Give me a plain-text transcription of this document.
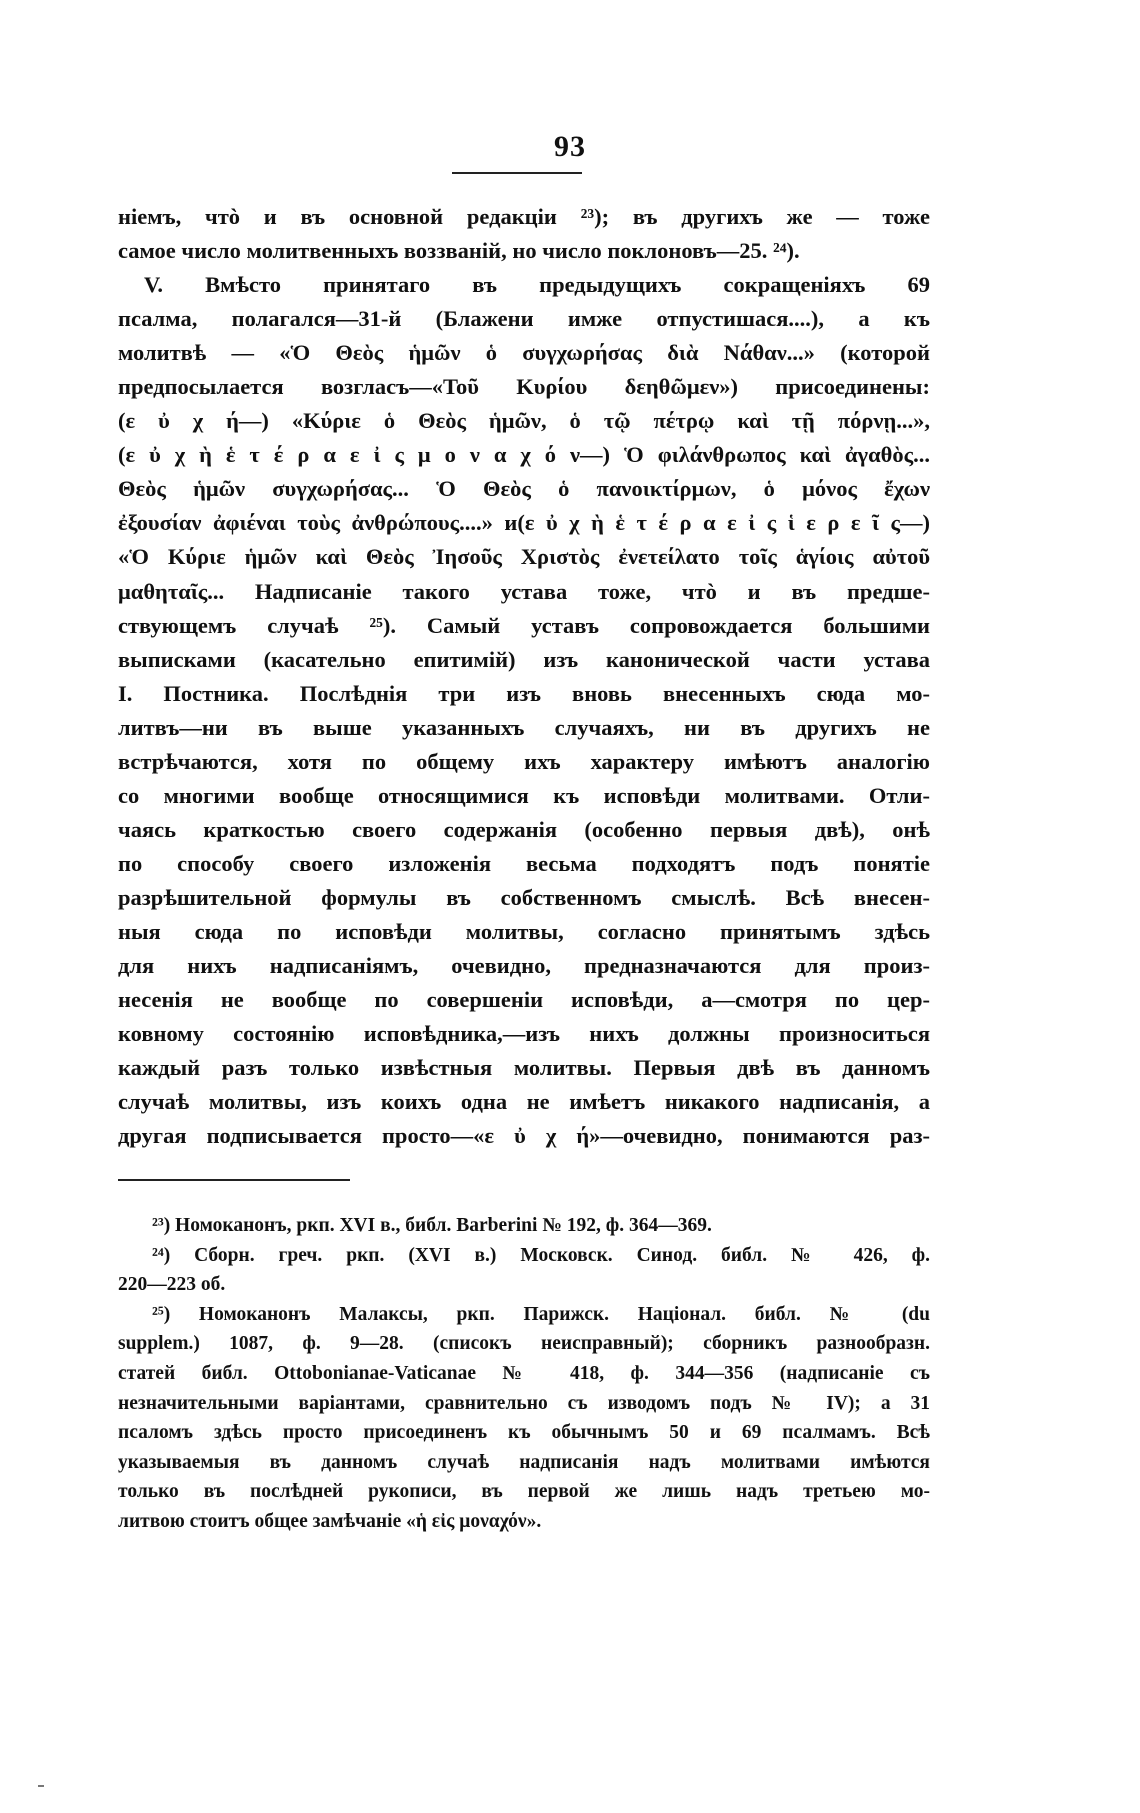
93
нiемъ, чтò и въ основной редакцiи ²³); въ другихъ же — тоже
самое число молитвенныхъ воззванiй, но число поклоновъ—25. ²⁴).
V. Вмѣсто принятаго въ предыдущихъ сокращенiяхъ 69
псалма, полагался—31-й (Блажени имже отпустишася....), а къ
молитвѣ — «Ὁ Θεὸς ἡμῶν ὁ συγχωρήσας διὰ Νάθαν...» (которой
предпосылается возгласъ—«Τοῦ Κυρίου δεηθῶμεν») присоединены:
(ε ὐ χ ή—) «Κύριε ὁ Θεὸς ἡμῶν, ὁ τῷ πέτρῳ καὶ τῇ πόρνῃ...»,
(ε ὐ χ ὴ ἑ τ έ ρ α ε ἰ ς μ ο ν α χ ό ν—) Ὁ φιλάνθρωπος καὶ ἀγαθὸς...
Θεὸς ἡμῶν συγχωρήσας... Ὁ Θεὸς ὁ πανοικτίρμων, ὁ μόνος ἔχων
ἐξουσίαν ἀφιέναι τοὺς ἀνθρώπους....» и(ε ὐ χ ὴ ἑ τ έ ρ α ε ἰ ς ἱ ε ρ ε ῖ ς—)
«Ὁ Κύριε ἡμῶν καὶ Θεὸς Ἰησοῦς Χριστὸς ἐνετείλατο τοῖς ἁγίοις αὐτοῦ
μαθηταῖς... Надписанiе такого устава тоже, чтò и въ предше-
ствующемъ случаѣ ²⁵). Самый уставъ сопровождается большими
выписками (касательно епитимiй) изъ канонической части устава
I. Постника. Послѣднiя три изъ вновь внесенныхъ сюда мо-
литвъ—ни въ выше указанныхъ случаяхъ, ни въ другихъ не
встрѣчаются, хотя по общему ихъ характеру имѣютъ аналогiю
со многими вообще относящимися къ исповѣди молитвами. Отли-
чаясь краткостью своего содержанiя (особенно первыя двѣ), онѣ
по способу своего изложенiя весьма подходятъ подъ понятiе
разрѣшительной формулы въ собственномъ смыслѣ. Всѣ внесен-
ныя сюда по исповѣди молитвы, согласно принятымъ здѣсь
для нихъ надписанiямъ, очевидно, предназначаются для произ-
несенiя не вообще по совершенiи исповѣди, а—смотря по цер-
ковному состоянiю исповѣдника,—изъ нихъ должны произноситься
каждый разъ только извѣстныя молитвы. Первыя двѣ въ данномъ
случаѣ молитвы, изъ коихъ одна не имѣетъ никакого надписанiя, а
другая подписывается просто—«ε ὐ χ ή»—очевидно, понимаются раз-
²³) Номоканонъ, ркп. XVI в., библ. Barberini № 192, ф. 364—369.
²⁴) Сборн. греч. ркп. (XVI в.) Московск. Синод. библ. № 426, ф.
220—223 об.
²⁵) Номоканонъ Малаксы, ркп. Парижск. Нацiонал. библ. № (du
supplem.) 1087, ф. 9—28. (списокъ неисправный); сборникъ разнообразн.
статей библ. Ottobonianae-Vaticanae № 418, ф. 344—356 (надписанiе съ
незначительными варiантами, сравнительно съ изводомъ подъ № IV); а 31
псаломъ здѣсь просто присоединенъ къ обычнымъ 50 и 69 псалмамъ. Всѣ
указываемыя въ данномъ случаѣ надписанiя надъ молитвами имѣются
только въ послѣдней рукописи, въ первой же лишь надъ третьею мо-
литвою стоитъ общее замѣчанiе «ἡ εἰς μοναχόν».
